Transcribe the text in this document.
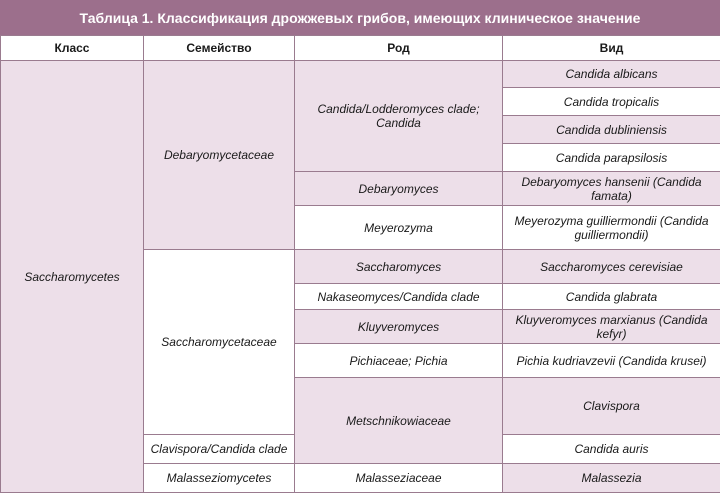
Таблица 1. Классификация дрожжевых грибов, имеющих клиническое значение
Класс	Семейство	Род	Вид	
Saccharomycetes	Debaryomycetaceae	Candida/Lodderomyces clade; Candida	Candida albicans	
			Candida tropicalis	
			Candida dubliniensis	
			Candida parapsilosis	
		Debaryomyces	Debaryomyces hansenii (Candida famata)	
		Meyerozyma	Meyerozyma guilliermondii (Candida guilliermondii)	
	Saccharomycetaceae	Saccharomyces	Saccharomyces cerevisiae	
		Nakaseomyces/Candida clade	Candida glabrata	
		Kluyveromyces	Kluyveromyces marxianus (Candida kefyr)	
		Pichiaceae; Pichia	Pichia kudriavzevii (Candida krusei)	
		Metschnikowiaceae	Clavispora	
	Clavispora/Candida clade		Candida auris	
	Malasseziomycetes	Malasseziaceae	Malassezia	
